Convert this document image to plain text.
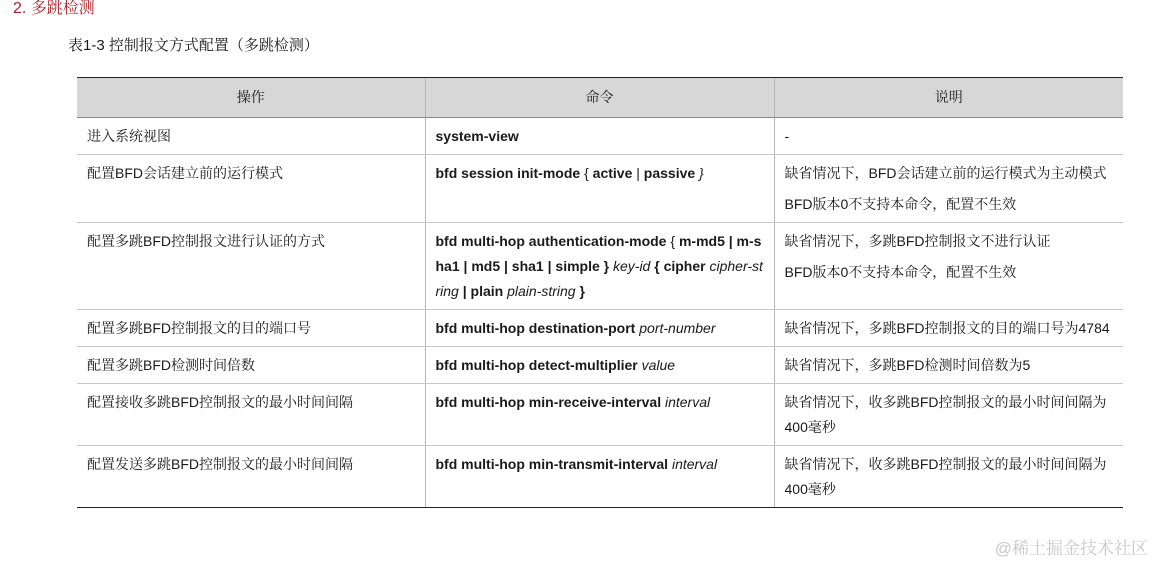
2. 多跳检测
表1-3 控制报文方式配置（多跳检测）
操作	命令	说明
进入系统视图	system-view	-

配置BFD会话建立前的运行模式	bfd session init-mode { active | passive }	缺省情况下，BFD会话建立前的运行模式为主动模式
BFD版本0不支持本命令，配置不生效

配置多跳BFD控制报文进行认证的方式	bfd multi-hop authentication-mode { m-md5 | m-sha1 | md5 | sha1 | simple } key-id { cipher cipher-string | plain plain-string }	缺省情况下，多跳BFD控制报文不进行认证
BFD版本0不支持本命令，配置不生效

配置多跳BFD控制报文的目的端口号	bfd multi-hop destination-port port-number	缺省情况下，多跳BFD控制报文的目的端口号为4784

配置多跳BFD检测时间倍数	bfd multi-hop detect-multiplier value	缺省情况下，多跳BFD检测时间倍数为5

配置接收多跳BFD控制报文的最小时间间隔	bfd multi-hop min-receive-interval interval	缺省情况下，收多跳BFD控制报文的最小时间间隔为400毫秒

配置发送多跳BFD控制报文的最小时间间隔	bfd multi-hop min-transmit-interval interval	缺省情况下，收多跳BFD控制报文的最小时间间隔为400毫秒
@稀土掘金技术社区
